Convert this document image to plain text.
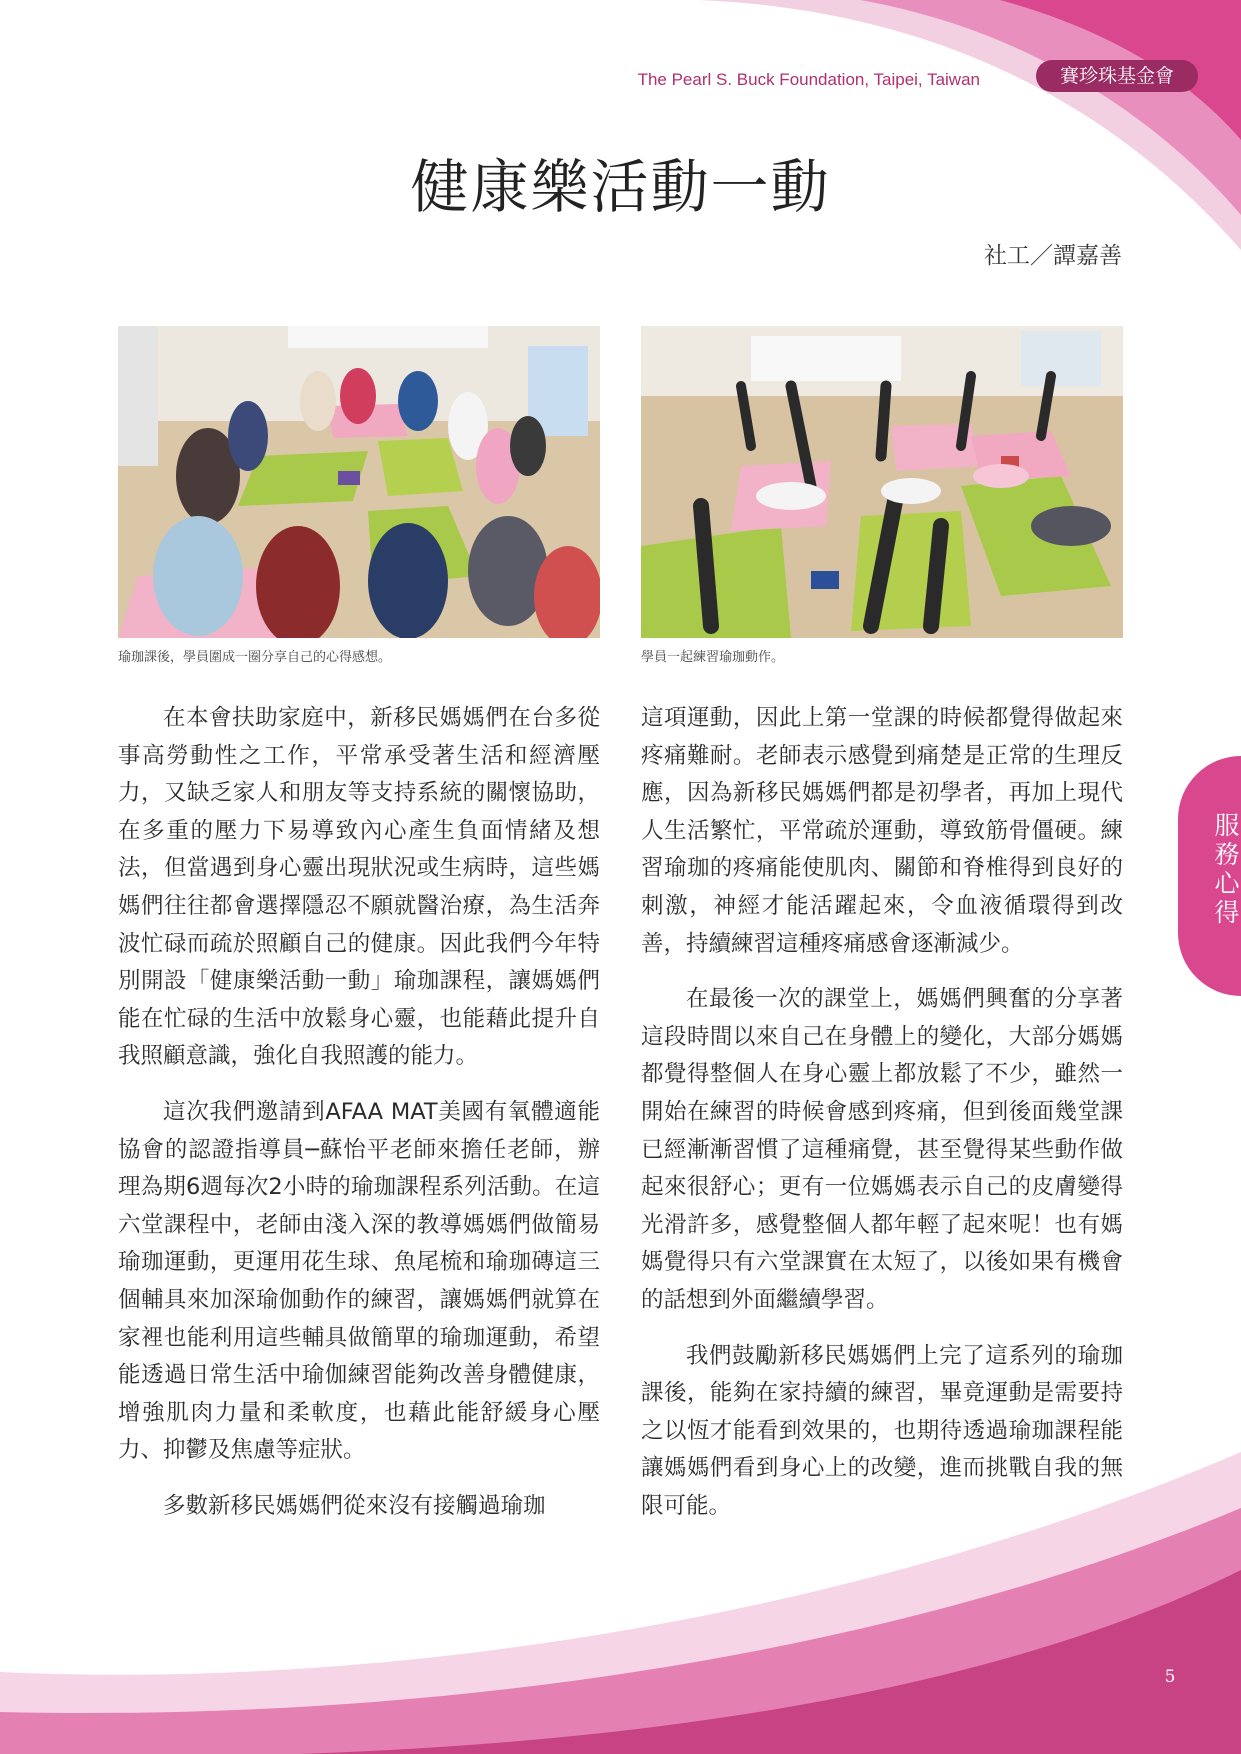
The Pearl S. Buck Foundation, Taipei, Taiwan	賽珍珠基金會
健康樂活動一動
社工／譚嘉善
瑜珈課後，學員圍成一圈分享自己的心得感想。	學員一起練習瑜珈動作。

在本會扶助家庭中，新移民媽媽們在台多從事高勞動性之工作，平常承受著生活和經濟壓力，又缺乏家人和朋友等支持系統的關懷協助，在多重的壓力下易導致內心產生負面情緒及想法，但當遇到身心靈出現狀況或生病時，這些媽媽們往往都會選擇隱忍不願就醫治療，為生活奔波忙碌而疏於照顧自己的健康。因此我們今年特別開設「健康樂活動一動」瑜珈課程，讓媽媽們能在忙碌的生活中放鬆身心靈，也能藉此提升自我照顧意識，強化自我照護的能力。

這次我們邀請到AFAA MAT美國有氧體適能協會的認證指導員─蘇怡平老師來擔任老師，辦理為期6週每次2小時的瑜珈課程系列活動。在這六堂課程中，老師由淺入深的教導媽媽們做簡易瑜珈運動，更運用花生球、魚尾梳和瑜珈磚這三個輔具來加深瑜伽動作的練習，讓媽媽們就算在家裡也能利用這些輔具做簡單的瑜珈運動，希望能透過日常生活中瑜伽練習能夠改善身體健康，增強肌肉力量和柔軟度，也藉此能舒緩身心壓力、抑鬱及焦慮等症狀。

多數新移民媽媽們從來沒有接觸過瑜珈

這項運動，因此上第一堂課的時候都覺得做起來疼痛難耐。老師表示感覺到痛楚是正常的生理反應，因為新移民媽媽們都是初學者，再加上現代人生活繁忙，平常疏於運動，導致筋骨僵硬。練習瑜珈的疼痛能使肌肉、關節和脊椎得到良好的刺激，神經才能活躍起來，令血液循環得到改善，持續練習這種疼痛感會逐漸減少。

在最後一次的課堂上，媽媽們興奮的分享著這段時間以來自己在身體上的變化，大部分媽媽都覺得整個人在身心靈上都放鬆了不少，雖然一開始在練習的時候會感到疼痛，但到後面幾堂課已經漸漸習慣了這種痛覺，甚至覺得某些動作做起來很舒心；更有一位媽媽表示自己的皮膚變得光滑許多，感覺整個人都年輕了起來呢！也有媽媽覺得只有六堂課實在太短了，以後如果有機會的話想到外面繼續學習。

我們鼓勵新移民媽媽們上完了這系列的瑜珈課後，能夠在家持續的練習，畢竟運動是需要持之以恆才能看到效果的，也期待透過瑜珈課程能讓媽媽們看到身心上的改變，進而挑戰自我的無限可能。

服務心得
5
